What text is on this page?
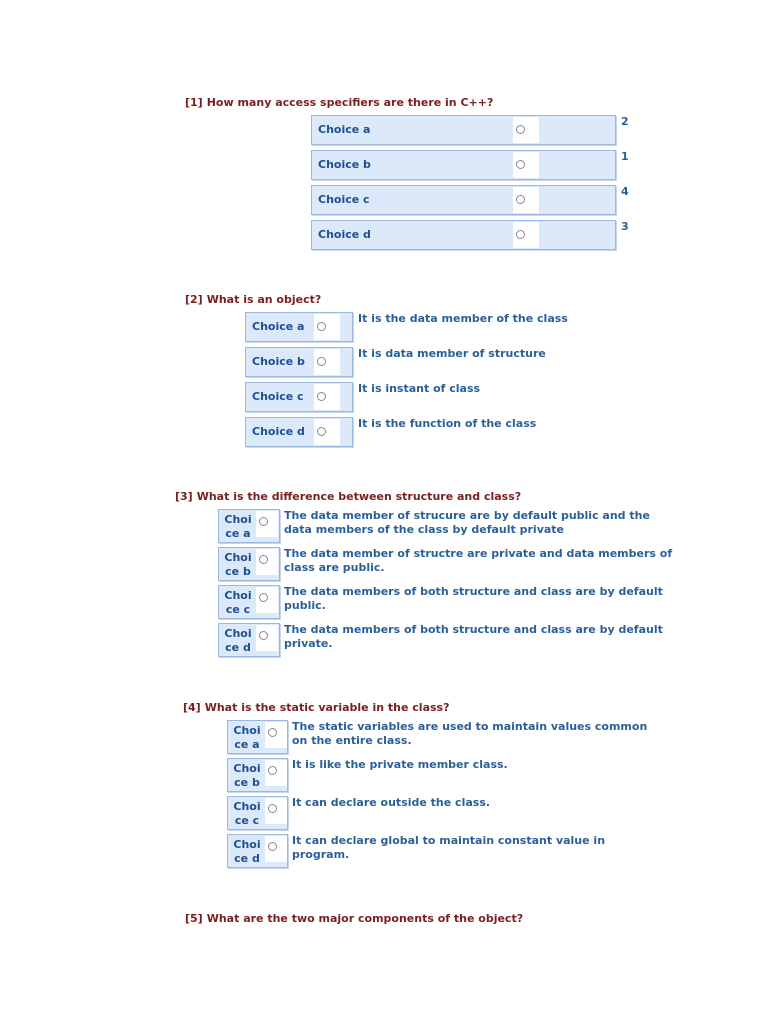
[1] How many access specifiers are there in C++?
Choice a
2
Choice b
1
Choice c
4
Choice d
3
[2] What is an object?
Choice a
It is the data member of the class
Choice b
It is data member of structure
Choice c
It is instant of class
Choice d
It is the function of the class
[3] What is the difference between structure and class?
Choice a
The data member of strucure are by default public and the data members of the class by default private
Choice b
The data member of structre are private and data members of class are public.
Choice c
The data members of both structure and class are by default public.
Choice d
The data members of both structure and class are by default private.
[4] What is the static variable in the class?
Choice a
The static variables are used to maintain values common on the entire class.
Choice b
It is like the private member class.
Choice c
It can declare outside the class.
Choice d
It can declare global to maintain constant value in program.
[5] What are the two major components of the object?
